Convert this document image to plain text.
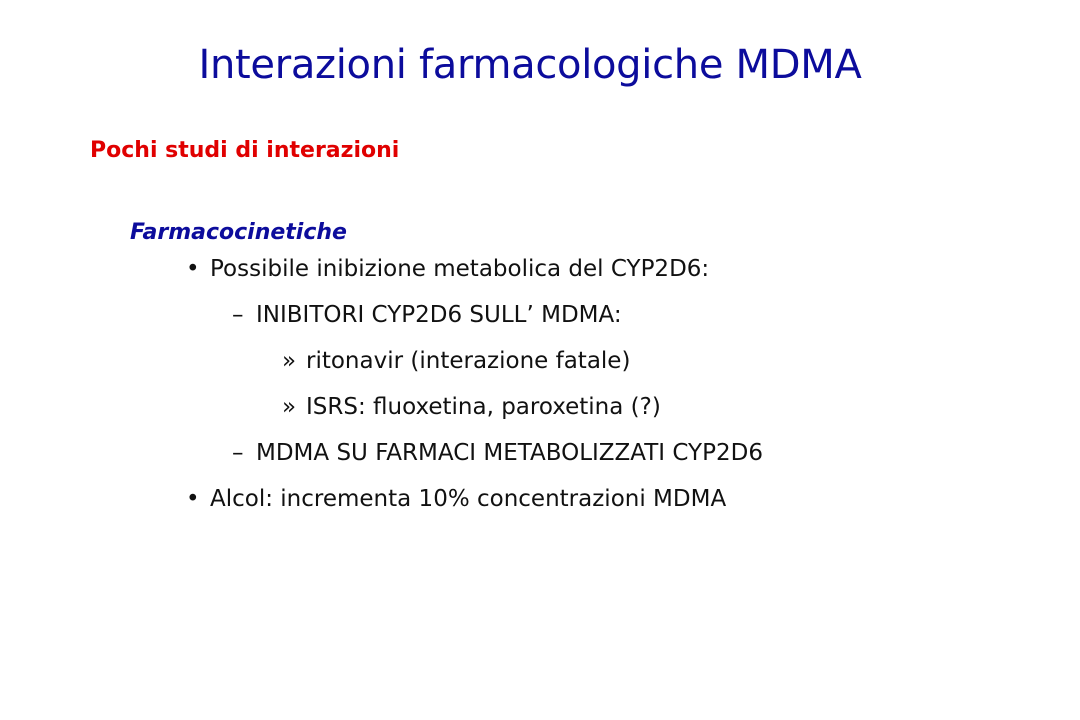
Interazioni farmacologiche MDMA
Pochi studi di interazioni
Farmacocinetiche
• Possibile inibizione metabolica del CYP2D6:
– INIBITORI CYP2D6 SULL’ MDMA:
» ritonavir (interazione fatale)
» ISRS: fluoxetina, paroxetina (?)
– MDMA SU FARMACI METABOLIZZATI CYP2D6
• Alcol: incrementa 10% concentrazioni MDMA
